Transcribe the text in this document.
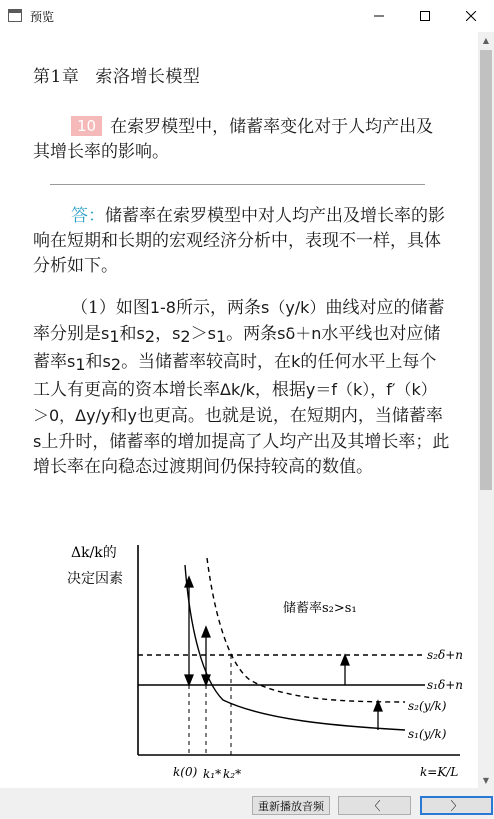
预览
第1章 索洛增长模型
10 在索罗模型中，储蓄率变化对于人均产出及其增长率的影响。
答：储蓄率在索罗模型中对人均产出及增长率的影响在短期和长期的宏观经济分析中，表现不一样，具体分析如下。
（1）如图1-8所示，两条s（y/k）曲线对应的储蓄率分别是$s_1$和$s_2$，$s_2>s_1$。两条sδ＋n水平线也对应储蓄率$s_1$和$s_2$。当储蓄率较高时，在k的任何水平上每个工人有更高的资本增长率Δk/k，根据y＝f（k），f′（k）＞0，Δy/y和y也更高。也就是说，在短期内，当储蓄率s上升时，储蓄率的增加提高了人均产出及其增长率；此增长率在向稳态过渡期间仍保持较高的数值。
Δk/k的
决定因素
储蓄率s₂>s₁
s₂δ+n
s₁δ+n
s₂(y/k)
s₁(y/k)
k(0) k₁* k₂*	k=K/L
▲
▼
重新播放音频	〈	〉
